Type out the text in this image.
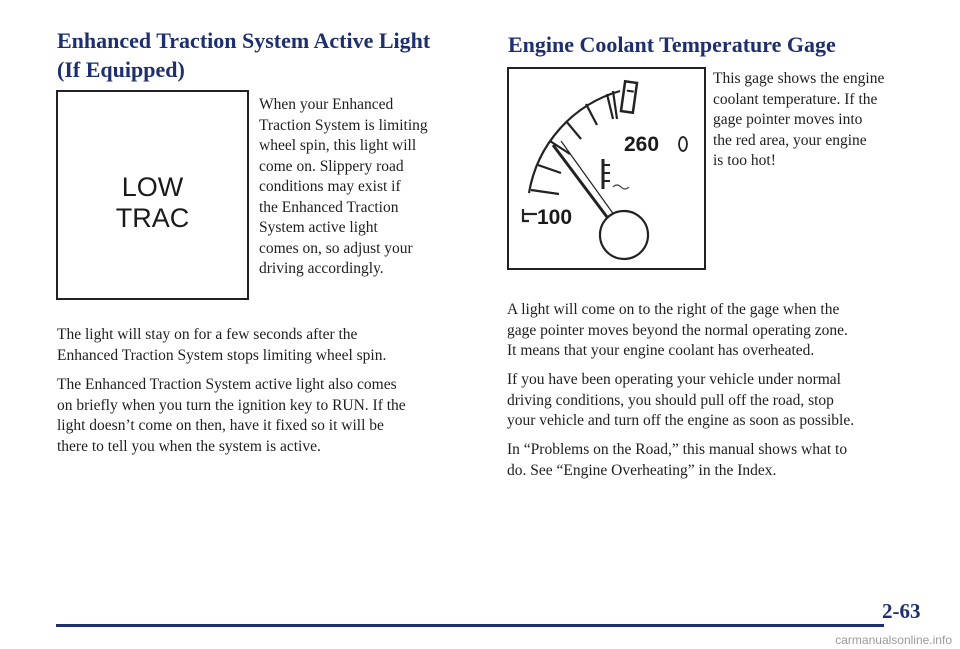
Enhanced Traction System Active Light
(If Equipped)
LOW
TRAC

When your Enhanced
Traction System is limiting
wheel spin, this light will
come on. Slippery road
conditions may exist if
the Enhanced Traction
System active light
comes on, so adjust your
driving accordingly.

The light will stay on for a few seconds after the
Enhanced Traction System stops limiting wheel spin.

The Enhanced Traction System active light also comes
on briefly when you turn the ignition key to RUN. If the
light doesn’t come on then, have it fixed so it will be
there to tell you when the system is active.

Engine Coolant Temperature Gage
260
100

This gage shows the engine
coolant temperature. If the
gage pointer moves into
the red area, your engine
is too hot!

A light will come on to the right of the gage when the
gage pointer moves beyond the normal operating zone.
It means that your engine coolant has overheated.

If you have been operating your vehicle under normal
driving conditions, you should pull off the road, stop
your vehicle and turn off the engine as soon as possible.

In “Problems on the Road,” this manual shows what to
do. See “Engine Overheating” in the Index.

2-63
carmanualsonline.info
